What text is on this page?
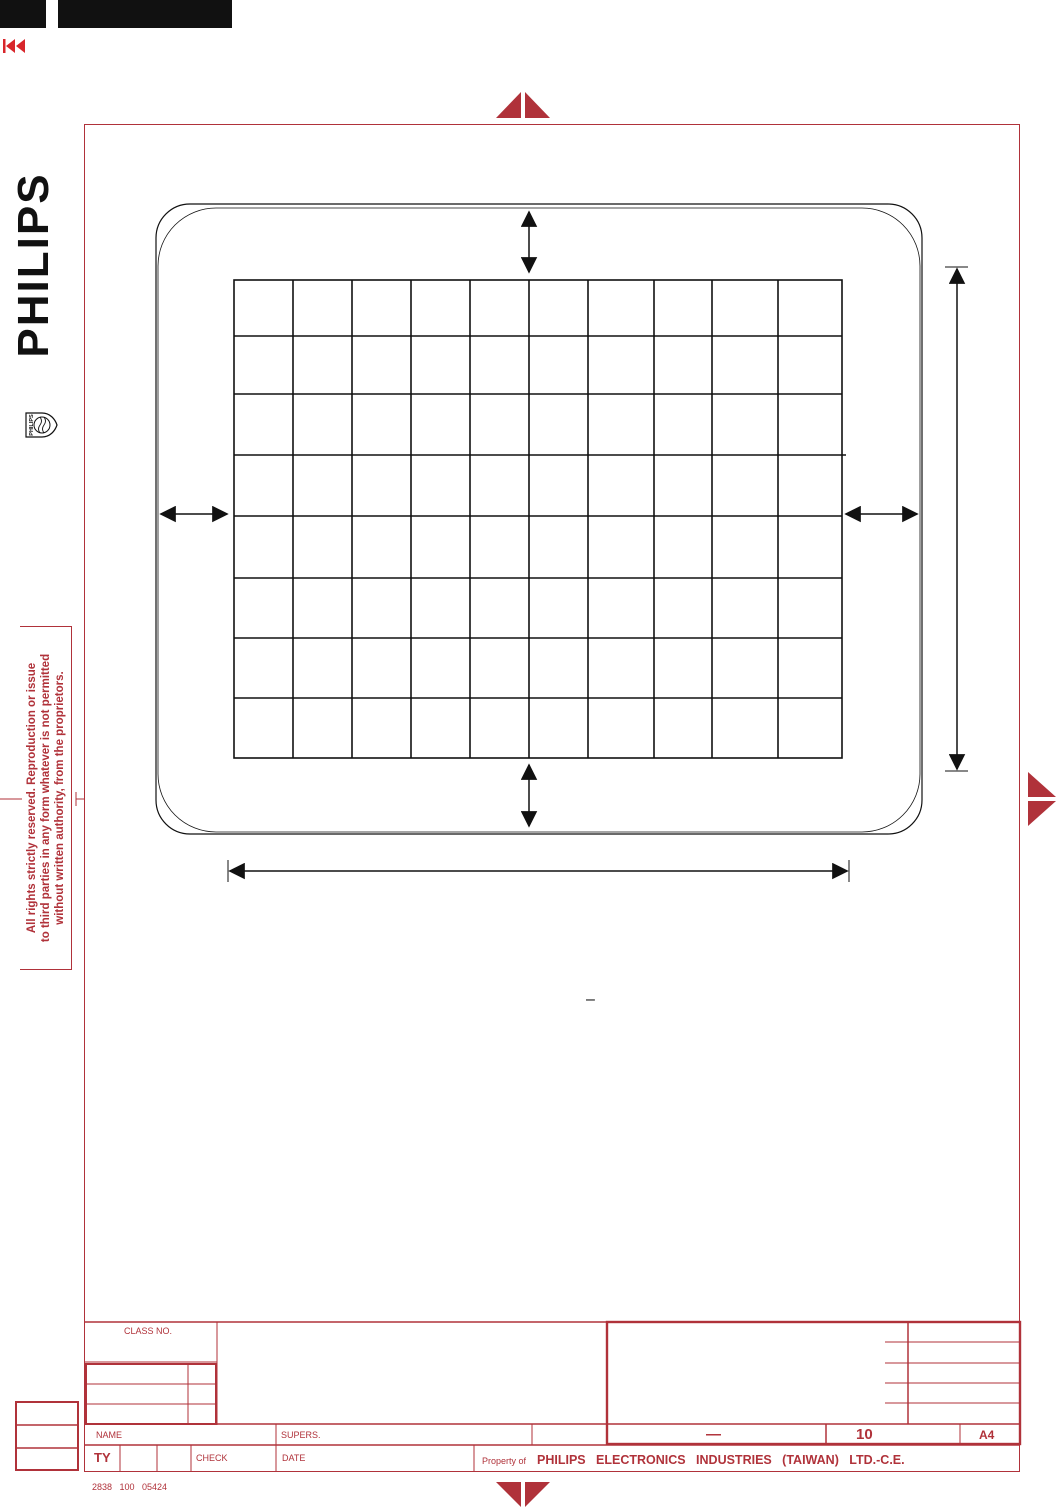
PHILIPS
PHILIPS
All rights strictly reserved. Reproduction or issue
to third parties in any form whatever is not permitted
without written authority, from the proprietors.
–
CLASS NO.
NAME	SUPERS.
CHECK	DATE
TY
—	10	A4
Property of PHILIPS   ELECTRONICS   INDUSTRIES   (TAIWAN)   LTD.-C.E.
2838   100   05424
